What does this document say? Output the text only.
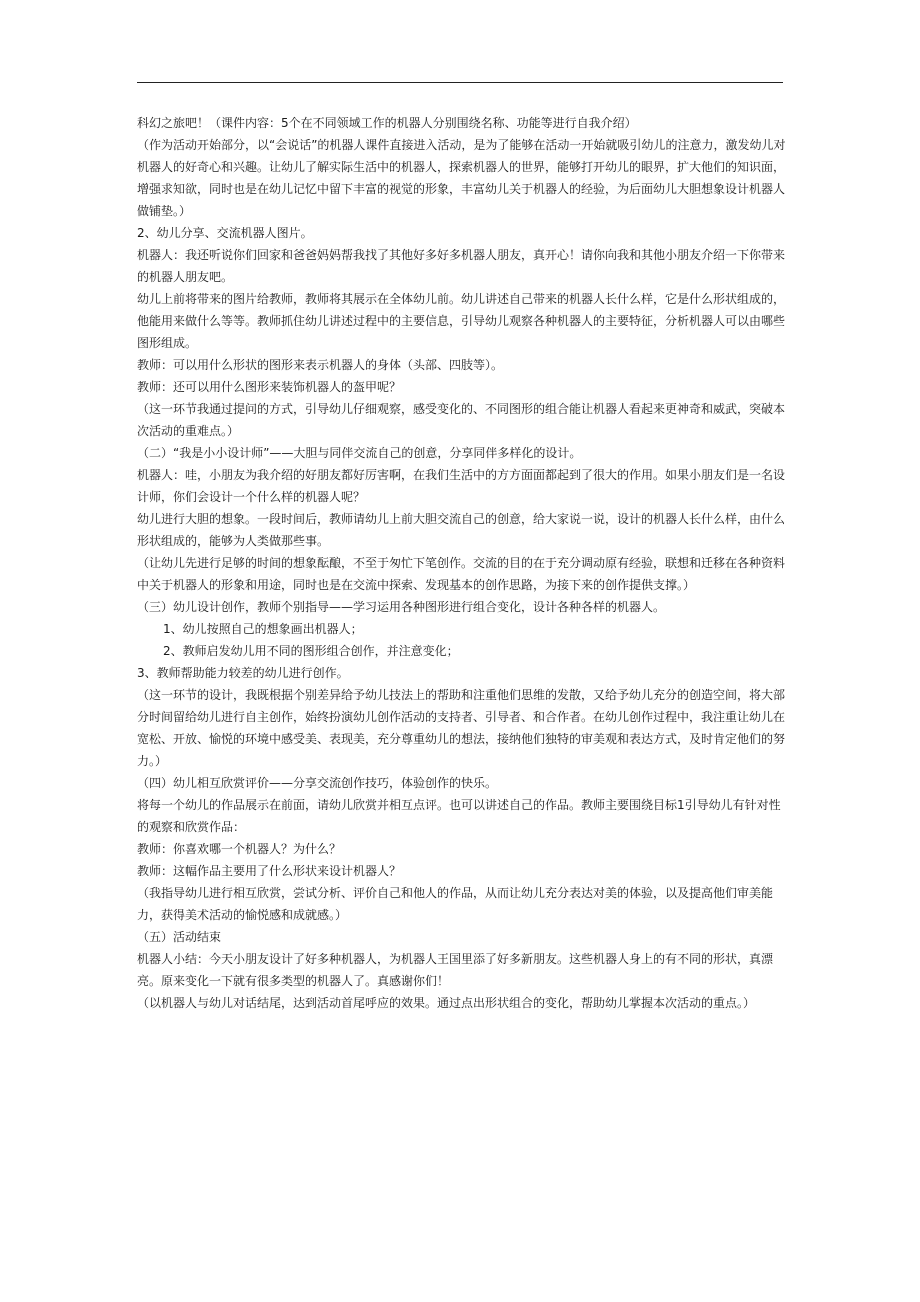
科幻之旅吧！（课件内容：5个在不同领域工作的机器人分别围绕名称、功能等进行自我介绍）

（作为活动开始部分，以“会说话”的机器人课件直接进入活动，是为了能够在活动一开始就吸引幼儿的注意力，激发幼儿对机器人的好奇心和兴趣。让幼儿了解实际生活中的机器人，探索机器人的世界，能够打开幼儿的眼界，扩大他们的知识面，增强求知欲，同时也是在幼儿记忆中留下丰富的视觉的形象，丰富幼儿关于机器人的经验，为后面幼儿大胆想象设计机器人做铺垫。）

2、幼儿分享、交流机器人图片。

机器人：我还听说你们回家和爸爸妈妈帮我找了其他好多好多机器人朋友，真开心！请你向我和其他小朋友介绍一下你带来的机器人朋友吧。

幼儿上前将带来的图片给教师，教师将其展示在全体幼儿前。幼儿讲述自己带来的机器人长什么样，它是什么形状组成的，他能用来做什么等等。教师抓住幼儿讲述过程中的主要信息，引导幼儿观察各种机器人的主要特征，分析机器人可以由哪些图形组成。

教师：可以用什么形状的图形来表示机器人的身体（头部、四肢等）。

教师：还可以用什么图形来装饰机器人的盔甲呢？

（这一环节我通过提问的方式，引导幼儿仔细观察，感受变化的、不同图形的组合能让机器人看起来更神奇和威武，突破本次活动的重难点。）

（二）“我是小小设计师”——大胆与同伴交流自己的创意，分享同伴多样化的设计。

机器人：哇，小朋友为我介绍的好朋友都好厉害啊，在我们生活中的方方面面都起到了很大的作用。如果小朋友们是一名设计师，你们会设计一个什么样的机器人呢？

幼儿进行大胆的想象。一段时间后，教师请幼儿上前大胆交流自己的创意，给大家说一说，设计的机器人长什么样，由什么形状组成的，能够为人类做那些事。

（让幼儿先进行足够的时间的想象酝酿，不至于匆忙下笔创作。交流的目的在于充分调动原有经验，联想和迁移在各种资料中关于机器人的形象和用途，同时也是在交流中探索、发现基本的创作思路，为接下来的创作提供支撑。）

（三）幼儿设计创作，教师个别指导——学习运用各种图形进行组合变化，设计各种各样的机器人。

1、幼儿按照自己的想象画出机器人；

2、教师启发幼儿用不同的图形组合创作，并注意变化；

3、教师帮助能力较差的幼儿进行创作。

（这一环节的设计，我既根据个别差异给予幼儿技法上的帮助和注重他们思维的发散，又给予幼儿充分的创造空间，将大部分时间留给幼儿进行自主创作，始终扮演幼儿创作活动的支持者、引导者、和合作者。在幼儿创作过程中，我注重让幼儿在宽松、开放、愉悦的环境中感受美、表现美，充分尊重幼儿的想法，接纳他们独特的审美观和表达方式，及时肯定他们的努力。）

（四）幼儿相互欣赏评价——分享交流创作技巧，体验创作的快乐。

将每一个幼儿的作品展示在前面，请幼儿欣赏并相互点评。也可以讲述自己的作品。教师主要围绕目标1引导幼儿有针对性的观察和欣赏作品：

教师：你喜欢哪一个机器人？为什么？

教师：这幅作品主要用了什么形状来设计机器人？

（我指导幼儿进行相互欣赏，尝试分析、评价自己和他人的作品，从而让幼儿充分表达对美的体验，以及提高他们审美能力，获得美术活动的愉悦感和成就感。）

（五）活动结束

机器人小结：今天小朋友设计了好多种机器人，为机器人王国里添了好多新朋友。这些机器人身上的有不同的形状，真漂亮。原来变化一下就有很多类型的机器人了。真感谢你们！

（以机器人与幼儿对话结尾，达到活动首尾呼应的效果。通过点出形状组合的变化，帮助幼儿掌握本次活动的重点。）
